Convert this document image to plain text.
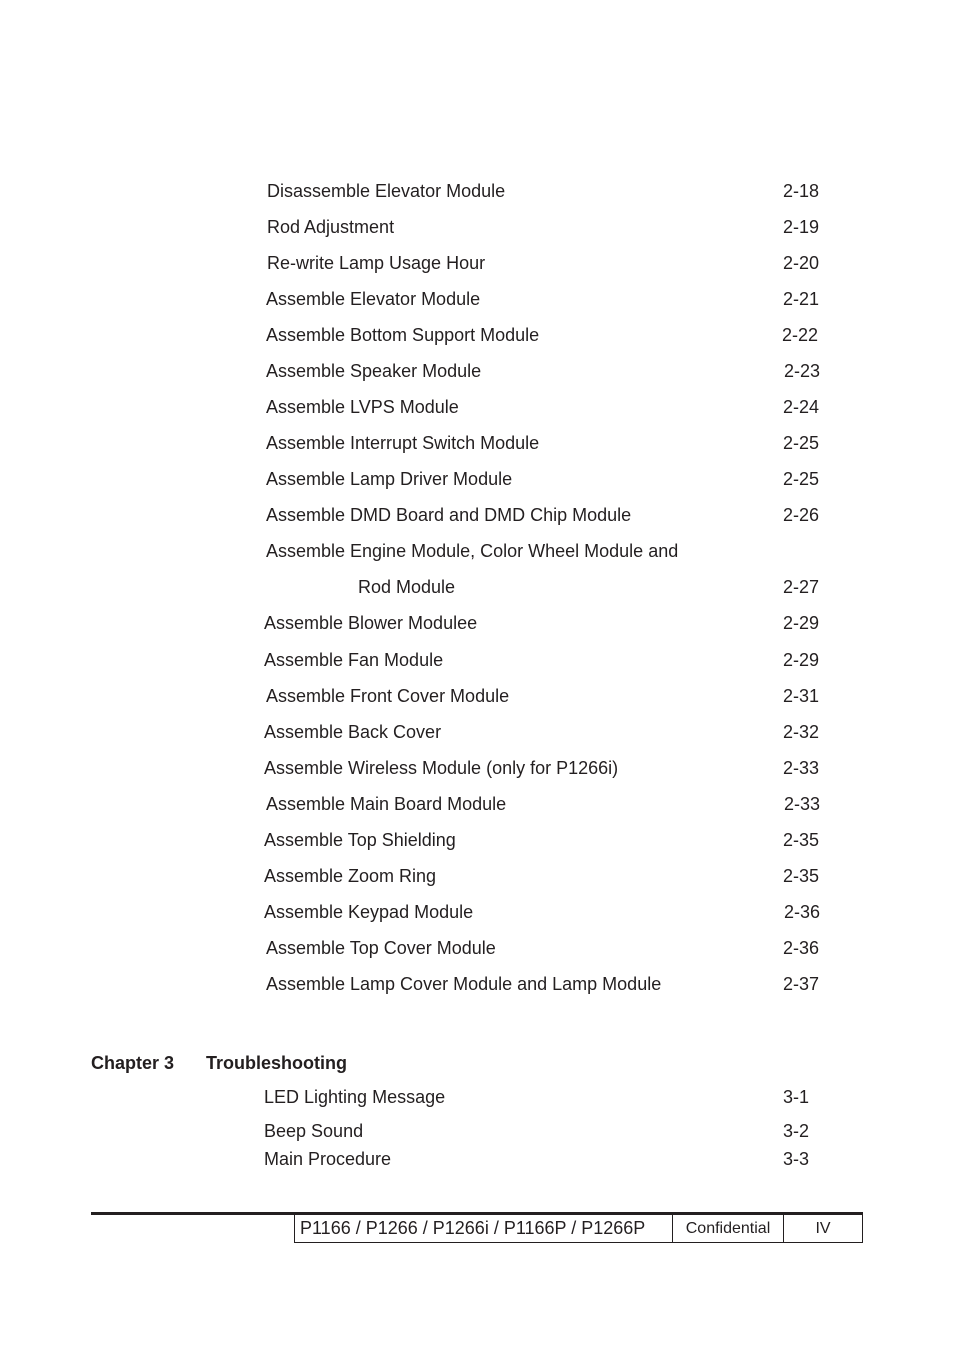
Disassemble Elevator Module	2-18
Rod Adjustment	2-19
Re-write Lamp Usage Hour	2-20
Assemble Elevator Module	2-21
Assemble Bottom Support Module	2-22
Assemble Speaker Module	2-23
Assemble LVPS Module	2-24
Assemble Interrupt Switch Module	2-25
Assemble Lamp Driver Module	2-25
Assemble DMD Board and DMD Chip Module	2-26
Assemble Engine Module, Color Wheel Module and
Rod Module	2-27
Assemble Blower Modulee	2-29
Assemble Fan Module	2-29
Assemble Front Cover Module	2-31
Assemble Back Cover	2-32
Assemble Wireless Module (only for P1266i)	2-33
Assemble Main Board Module	2-33
Assemble Top Shielding	2-35
Assemble Zoom Ring	2-35
Assemble Keypad Module	2-36
Assemble Top Cover Module	2-36
Assemble Lamp Cover Module and Lamp Module	2-37
Chapter 3 Troubleshooting
LED Lighting Message	3-1
Beep Sound	3-2
Main Procedure	3-3
P1166 / P1266 / P1266i / P1166P / P1266P	Confidential	IV
